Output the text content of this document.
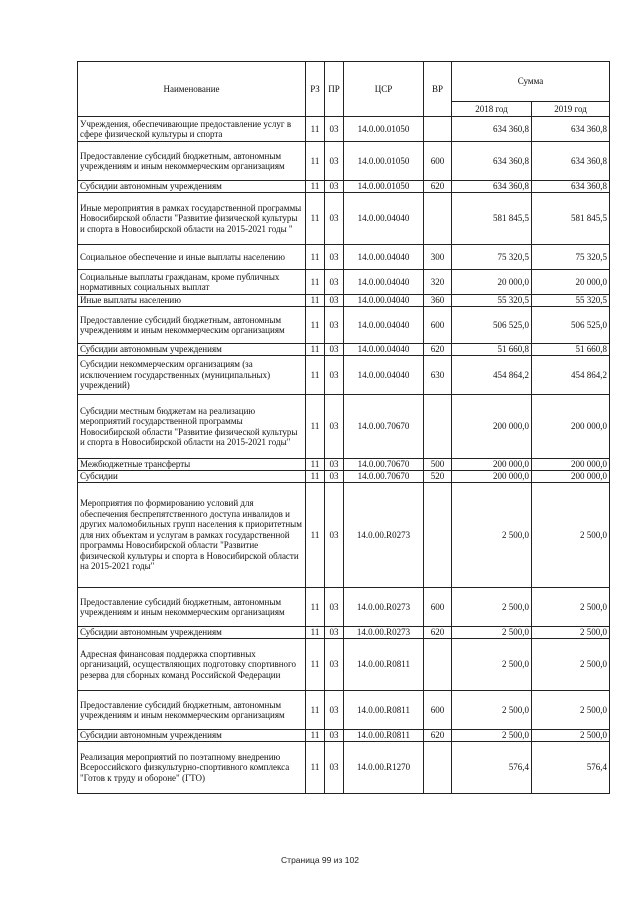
Наименование	РЗ	ПР	ЦСР	ВР	Сумма	
					2018 год	2019 год
Учреждения, обеспечивающие предоставление услуг в сфере физической культуры и спорта	11	03	14.0.00.01050		634 360,8	634 360,8
Предоставление субсидий бюджетным, автономным учреждениям и иным некоммерческим организациям	11	03	14.0.00.01050	600	634 360,8	634 360,8
Субсидии автономным учреждениям	11	03	14.0.00.01050	620	634 360,8	634 360,8
Иные мероприятия в рамках государственной программы Новосибирской области "Развитие физической культуры и спорта в Новосибирской области на 2015-2021 годы "	11	03	14.0.00.04040		581 845,5	581 845,5
Социальное обеспечение и иные выплаты населению	11	03	14.0.00.04040	300	75 320,5	75 320,5
Социальные выплаты гражданам, кроме публичных нормативных социальных выплат	11	03	14.0.00.04040	320	20 000,0	20 000,0
Иные выплаты населению	11	03	14.0.00.04040	360	55 320,5	55 320,5
Предоставление субсидий бюджетным, автономным учреждениям и иным некоммерческим организациям	11	03	14.0.00.04040	600	506 525,0	506 525,0
Субсидии автономным учреждениям	11	03	14.0.00.04040	620	51 660,8	51 660,8
Субсидии некоммерческим организациям (за исключением государственных (муниципальных) учреждений)	11	03	14.0.00.04040	630	454 864,2	454 864,2
Субсидии местным бюджетам на реализацию мероприятий государственной программы Новосибирской области "Развитие физической культуры и спорта в Новосибирской области на 2015-2021 годы"	11	03	14.0.00.70670		200 000,0	200 000,0
Межбюджетные трансферты	11	03	14.0.00.70670	500	200 000,0	200 000,0
Субсидии	11	03	14.0.00.70670	520	200 000,0	200 000,0
Мероприятия по формированию условий для обеспечения беспрепятственного доступа инвалидов и других маломобильных групп населения к приоритетным для них объектам и услугам в рамках государственной программы Новосибирской области "Развитие физической культуры и спорта в Новосибирской области на 2015-2021 годы"	11	03	14.0.00.R0273		2 500,0	2 500,0
Предоставление субсидий бюджетным, автономным учреждениям и иным некоммерческим организациям	11	03	14.0.00.R0273	600	2 500,0	2 500,0
Субсидии автономным учреждениям	11	03	14.0.00.R0273	620	2 500,0	2 500,0
Адресная финансовая поддержка спортивных организаций, осуществляющих подготовку спортивного резерва для сборных команд Российской Федерации	11	03	14.0.00.R0811		2 500,0	2 500,0
Предоставление субсидий бюджетным, автономным учреждениям и иным некоммерческим организациям	11	03	14.0.00.R0811	600	2 500,0	2 500,0
Субсидии автономным учреждениям	11	03	14.0.00.R0811	620	2 500,0	2 500,0
Реализация мероприятий по поэтапному внедрению Всероссийского физкультурно-спортивного комплекса "Готов к труду и обороне" (ГТО)	11	03	14.0.00.R1270		576,4	576,4
Страница 99 из 102
